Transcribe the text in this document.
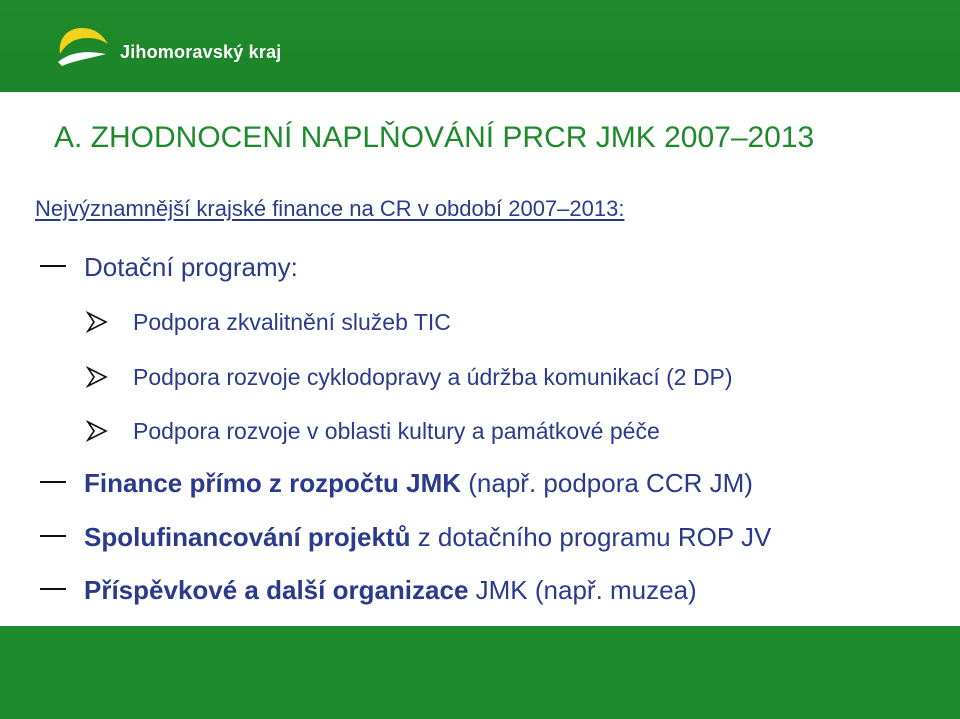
Jihomoravský kraj
A. ZHODNOCENÍ NAPLŇOVÁNÍ PRCR JMK 2007‒2013
Nejvýznamnější krajské finance na CR v období 2007‒2013:
Dotační programy:
Podpora zkvalitnění služeb TIC
Podpora rozvoje cyklodopravy a údržba komunikací (2 DP)
Podpora rozvoje v oblasti kultury a památkové péče
Finance přímo z rozpočtu JMK (např. podpora CCR JM)
Spolufinancování projektů z dotačního programu ROP JV
Příspěvkové a další organizace JMK (např. muzea)
